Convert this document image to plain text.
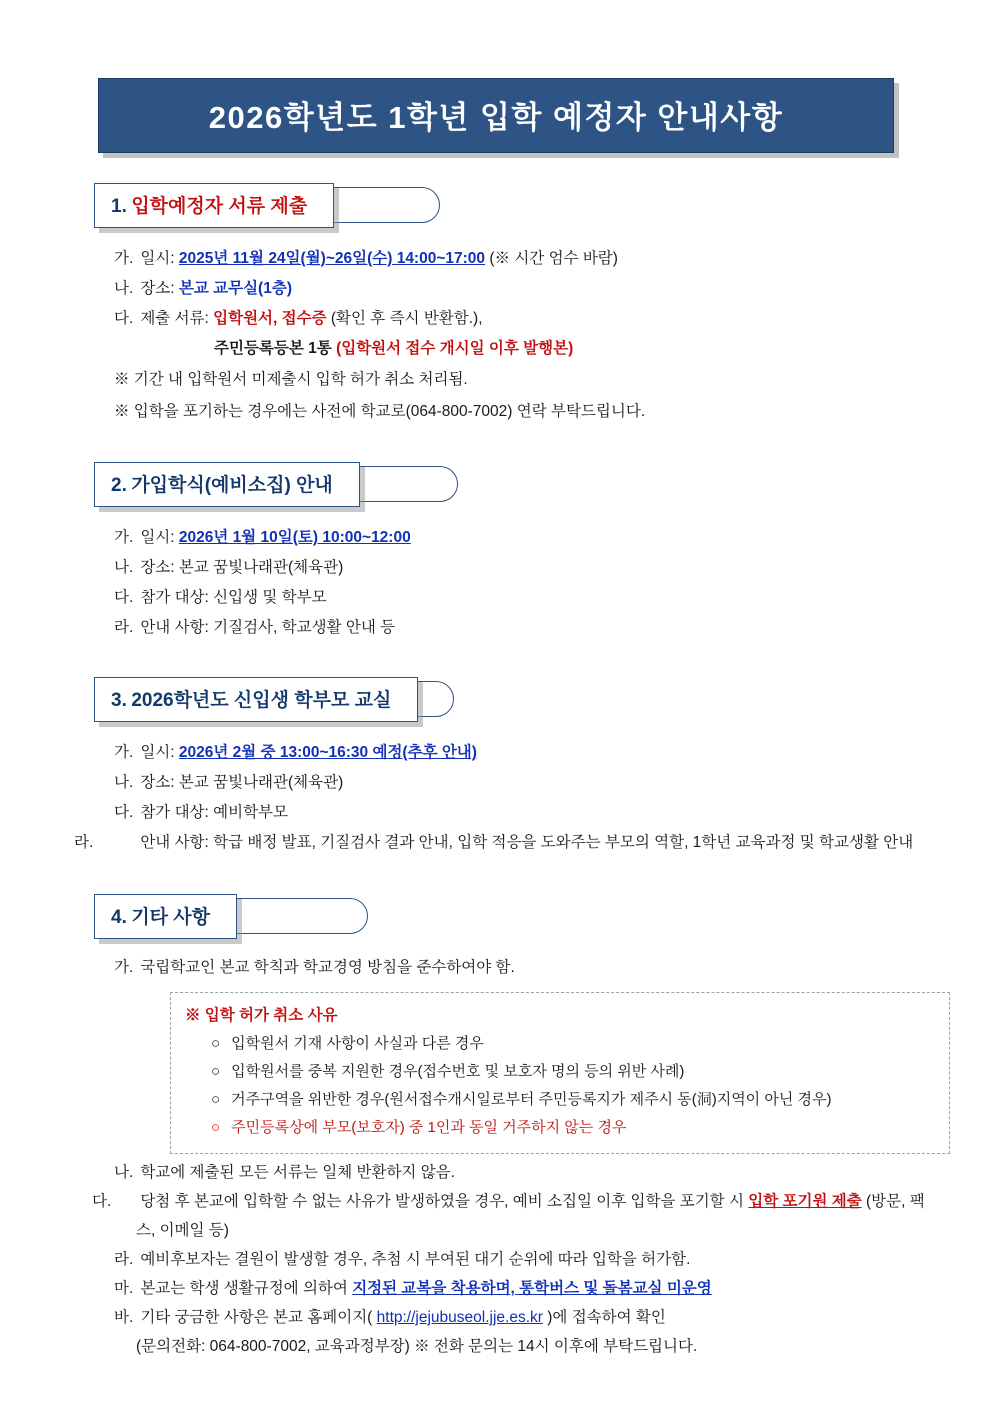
2026학년도 1학년 입학 예정자 안내사항
1. 입학예정자 서류 제출
가. 일시: 2025년 11월 24일(월)~26일(수) 14:00~17:00 (※ 시간 엄수 바람)
나. 장소: 본교 교무실(1층)
다. 제출 서류: 입학원서, 접수증 (확인 후 즉시 반환함.),
주민등록등본 1통 (입학원서 접수 개시일 이후 발행본)
※ 기간 내 입학원서 미제출시 입학 허가 취소 처리됨.
※ 입학을 포기하는 경우에는 사전에 학교로(064-800-7002) 연락 부탁드립니다.
2. 가입학식(예비소집) 안내
가. 일시: 2026년 1월 10일(토) 10:00~12:00
나. 장소: 본교 꿈빛나래관(체육관)
다. 참가 대상: 신입생 및 학부모
라. 안내 사항: 기질검사, 학교생활 안내 등
3. 2026학년도 신입생 학부모 교실
가. 일시: 2026년 2월 중 13:00~16:30 예정(추후 안내)
나. 장소: 본교 꿈빛나래관(체육관)
다. 참가 대상: 예비학부모
라.	안내 사항: 학급 배정 발표, 기질검사 결과 안내, 입학 적응을 도와주는 부모의 역할, 1학년 교육과정 및 학교생활 안내
4. 기타 사항
가. 국립학교인 본교 학칙과 학교경영 방침을 준수하여야 함.
※ 입학 허가 취소 사유
○ 입학원서 기재 사항이 사실과 다른 경우
○ 입학원서를 중복 지원한 경우(접수번호 및 보호자 명의 등의 위반 사례)
○ 거주구역을 위반한 경우(원서접수개시일로부터 주민등록지가 제주시 동(洞)지역이 아닌 경우)
○ 주민등록상에 부모(보호자) 중 1인과 동일 거주하지 않는 경우
나. 학교에 제출된 모든 서류는 일체 반환하지 않음.
다. 당첨 후 본교에 입학할 수 없는 사유가 발생하였을 경우, 예비 소집일 이후 입학을 포기할 시 입학 포기원 제출 (방문, 팩스, 이메일 등)
라. 예비후보자는 결원이 발생할 경우, 추첨 시 부여된 대기 순위에 따라 입학을 허가함.
마. 본교는 학생 생활규정에 의하여 지정된 교복을 착용하며, 통학버스 및 돌봄교실 미운영
바. 기타 궁금한 사항은 본교 홈페이지( http://jejubuseol.jje.es.kr )에 접속하여 확인
(문의전화: 064-800-7002, 교육과정부장) ※ 전화 문의는 14시 이후에 부탁드립니다.
